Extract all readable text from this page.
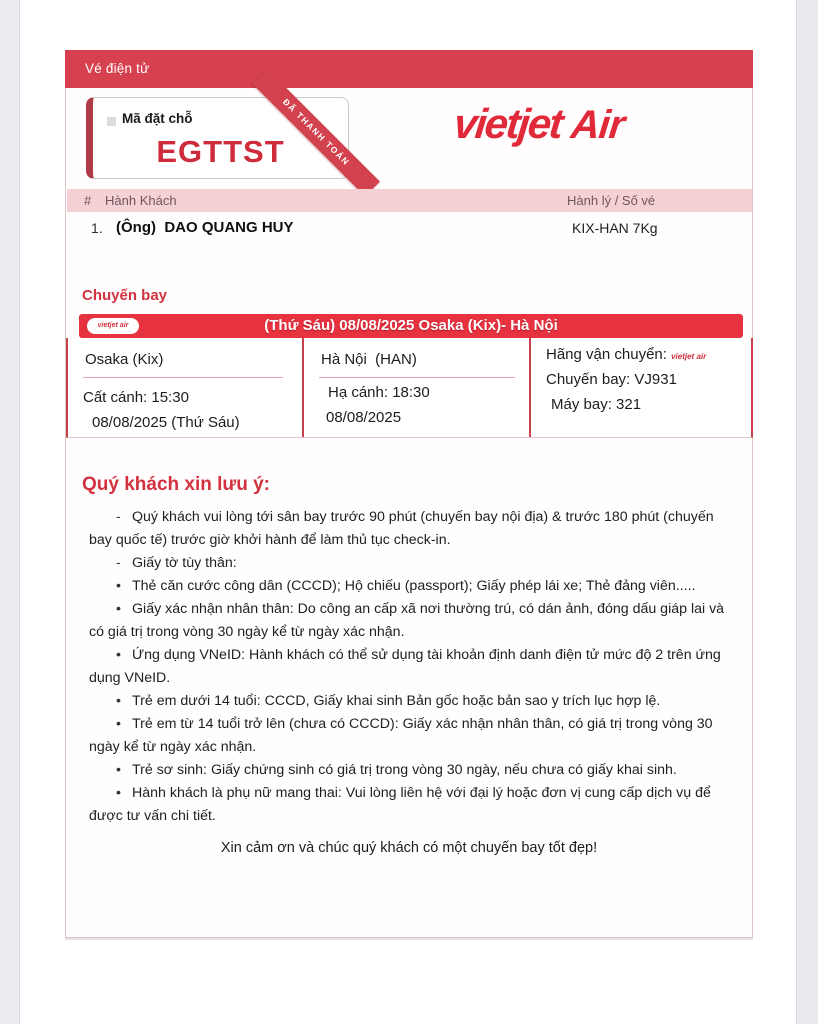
Vé điện tử
Mã đặt chỗ
EGTTST
ĐÃ THANH TOÁN	vietjet Air
# Hành Khách	Hành lý / Số vé
1. (Ông)  DAO QUANG HUY	KIX-HAN 7Kg
Chuyến bay
vietjet air	(Thứ Sáu) 08/08/2025 Osaka (Kix)- Hà Nội
Osaka (Kix)
Cất cánh: 15:30
08/08/2025 (Thứ Sáu)
Hà Nội  (HAN)
Hạ cánh: 18:30
08/08/2025
Hãng vận chuyển: vietjet air
Chuyến bay: VJ931
Máy bay: 321
Quý khách xin lưu ý:

- Quý khách vui lòng tới sân bay trước 90 phút (chuyến bay nội địa) & trước 180 phút (chuyến bay quốc tế) trước giờ khởi hành để làm thủ tục check-in.

- Giấy tờ tùy thân:

• Thẻ căn cước công dân (CCCD); Hộ chiếu (passport); Giấy phép lái xe; Thẻ đảng viên.....

• Giấy xác nhận nhân thân: Do công an cấp xã nơi thường trú, có dán ảnh, đóng dấu giáp lai và có giá trị trong vòng 30 ngày kể từ ngày xác nhận.

• Ứng dụng VNeID: Hành khách có thể sử dụng tài khoản định danh điện tử mức độ 2 trên ứng dụng VNeID.

• Trẻ em dưới 14 tuổi: CCCD, Giấy khai sinh Bản gốc hoặc bản sao y trích lục hợp lệ.

• Trẻ em từ 14 tuổi trở lên (chưa có CCCD): Giấy xác nhận nhân thân, có giá trị trong vòng 30 ngày kể từ ngày xác nhận.

• Trẻ sơ sinh: Giấy chứng sinh có giá trị trong vòng 30 ngày, nếu chưa có giấy khai sinh.

• Hành khách là phụ nữ mang thai: Vui lòng liên hệ với đại lý hoặc đơn vị cung cấp dịch vụ để được tư vấn chi tiết.

Xin cảm ơn và chúc quý khách có một chuyến bay tốt đẹp!
